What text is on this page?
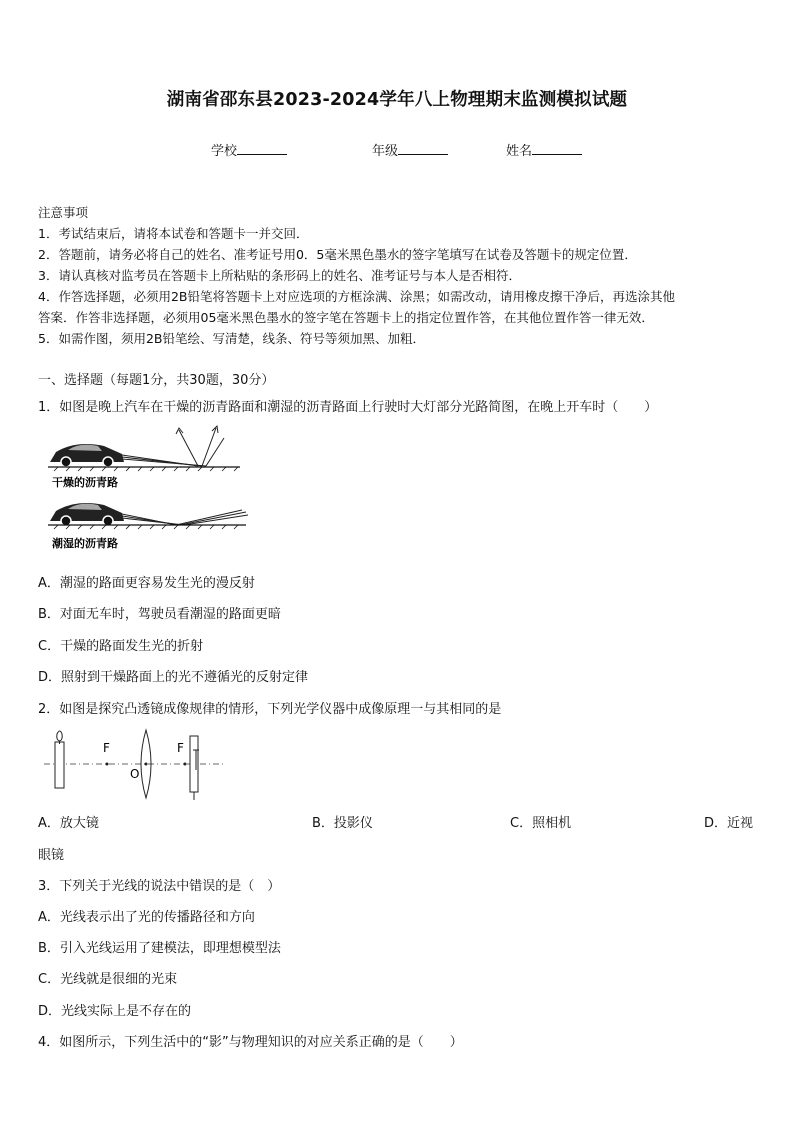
湖南省邵东县2023-2024学年八上物理期末监测模拟试题
学校	年级	姓名
注意事项
1．考试结束后，请将本试卷和答题卡一并交回．
2．答题前，请务必将自己的姓名、准考证号用0．5毫米黑色墨水的签字笔填写在试卷及答题卡的规定位置．
3．请认真核对监考员在答题卡上所粘贴的条形码上的姓名、准考证号与本人是否相符．
4．作答选择题，必须用2B铅笔将答题卡上对应选项的方框涂满、涂黑；如需改动，请用橡皮擦干净后，再选涂其他
答案．作答非选择题，必须用05毫米黑色墨水的签字笔在答题卡上的指定位置作答，在其他位置作答一律无效．
5．如需作图，须用2B铅笔绘、写清楚，线条、符号等须加黑、加粗．
一、选择题（每题1分，共30题，30分）
1．如图是晚上汽车在干燥的沥青路面和潮湿的沥青路面上行驶时大灯部分光路简图，在晚上开车时（　　）
干燥的沥青路
潮湿的沥青路
A．潮湿的路面更容易发生光的漫反射
B．对面无车时，驾驶员看潮湿的路面更暗
C．干燥的路面发生光的折射
D．照射到干燥路面上的光不遵循光的反射定律
2．如图是探究凸透镜成像规律的情形，下列光学仪器中成像原理一与其相同的是
F
O
F
A．放大镜	B．投影仪	C．照相机	D．近视
眼镜
3．下列关于光线的说法中错误的是（　）
A．光线表示出了光的传播路径和方向
B．引入光线运用了建模法，即理想模型法
C．光线就是很细的光束
D．光线实际上是不存在的
4．如图所示，下列生活中的“影”与物理知识的对应关系正确的是（　　）
